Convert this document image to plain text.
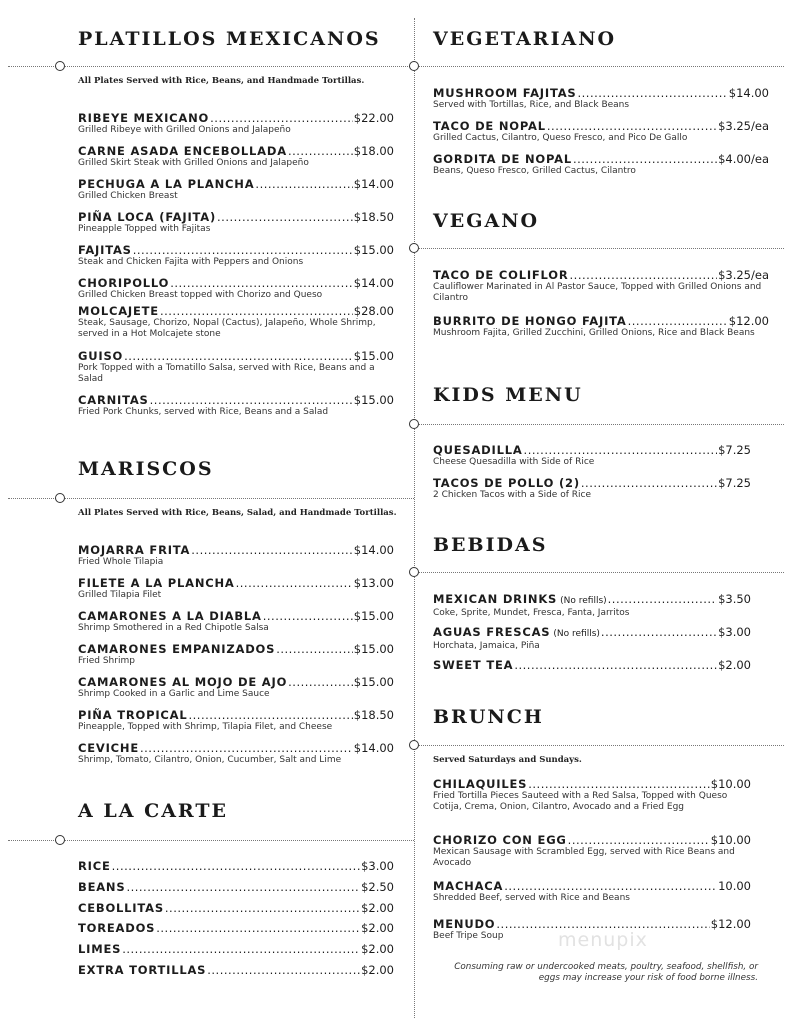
PLATILLOS MEXICANOS
All Plates Served with Rice, Beans, and Handmade Tortillas.
RIBEYE MEXICANO .....	$22.00
Grilled Ribeye with Grilled Onions and Jalapeño
CARNE ASADA ENCEBOLLADA .....	$18.00
Grilled Skirt Steak with Grilled Onions and Jalapeño
PECHUGA A LA PLANCHA .....	$14.00
Grilled Chicken Breast
PIÑA LOCA (FAJITA) .....	$18.50
Pineapple Topped with Fajitas
FAJITAS .....	$15.00
Steak and Chicken Fajita with Peppers and Onions
CHORIPOLLO .....	$14.00
Grilled Chicken Breast topped with Chorizo and Queso
MOLCAJETE .....	$28.00
Steak, Sausage, Chorizo, Nopal (Cactus), Jalapeño, Whole Shrimp, served in a Hot Molcajete stone
GUISO .....	$15.00
Pork Topped with a Tomatillo Salsa, served with Rice, Beans and a Salad
CARNITAS .....	$15.00
Fried Pork Chunks, served with Rice, Beans and a Salad
MARISCOS
All Plates Served with Rice, Beans, Salad, and Handmade Tortillas.
MOJARRA FRITA .....	$14.00
Fried Whole Tilapia
FILETE A LA PLANCHA .....	$13.00
Grilled Tilapia Filet
CAMARONES A LA DIABLA .....	$15.00
Shrimp Smothered in a Red Chipotle Salsa
CAMARONES EMPANIZADOS .....	$15.00
Fried Shrimp
CAMARONES AL MOJO DE AJO .....	$15.00
Shrimp Cooked in a Garlic and Lime Sauce
PIÑA TROPICAL .....	$18.50
Pineapple, Topped with Shrimp, Tilapia Filet, and Cheese
CEVICHE .....	$14.00
Shrimp, Tomato, Cilantro, Onion, Cucumber, Salt and Lime
A LA CARTE
RICE .....	$3.00
BEANS .....	$2.50
CEBOLLITAS .....	$2.00
TOREADOS .....	$2.00
LIMES .....	$2.00
EXTRA TORTILLAS .....	$2.00
VEGETARIANO
MUSHROOM FAJITAS .....	$14.00
Served with Tortillas, Rice, and Black Beans
TACO DE NOPAL .....	$3.25/ea
Grilled Cactus, Cilantro, Queso Fresco, and Pico De Gallo
GORDITA DE NOPAL .....	$4.00/ea
Beans, Queso Fresco, Grilled Cactus, Cilantro
VEGANO
TACO DE COLIFLOR .....	$3.25/ea
Cauliflower Marinated in Al Pastor Sauce, Topped with Grilled Onions and Cilantro
BURRITO DE HONGO FAJITA .....	$12.00
Mushroom Fajita, Grilled Zucchini, Grilled Onions, Rice and Black Beans
KIDS MENU
QUESADILLA .....	$7.25
Cheese Quesadilla with Side of Rice
TACOS DE POLLO (2) .....	$7.25
2 Chicken Tacos with a Side of Rice
BEBIDAS
MEXICAN DRINKS (No refills) .....	$3.50
Coke, Sprite, Mundet, Fresca, Fanta, Jarritos
AGUAS FRESCAS (No refills) .....	$3.00
Horchata, Jamaica, Piña
SWEET TEA .....	$2.00
BRUNCH
Served Saturdays and Sundays.
CHILAQUILES .....	$10.00
Fried Tortilla Pieces Sauteed with a Red Salsa, Topped with Queso Cotija, Crema, Onion, Cilantro, Avocado and a Fried Egg
CHORIZO CON EGG .....	$10.00
Mexican Sausage with Scrambled Egg, served with Rice Beans and Avocado
MACHACA .....	10.00
Shredded Beef, served with Rice and Beans
MENUDO .....	$12.00
Beef Tripe Soup	menupix
Consuming raw or undercooked meats, poultry, seafood, shellfish, or eggs may increase your risk of food borne illness.
